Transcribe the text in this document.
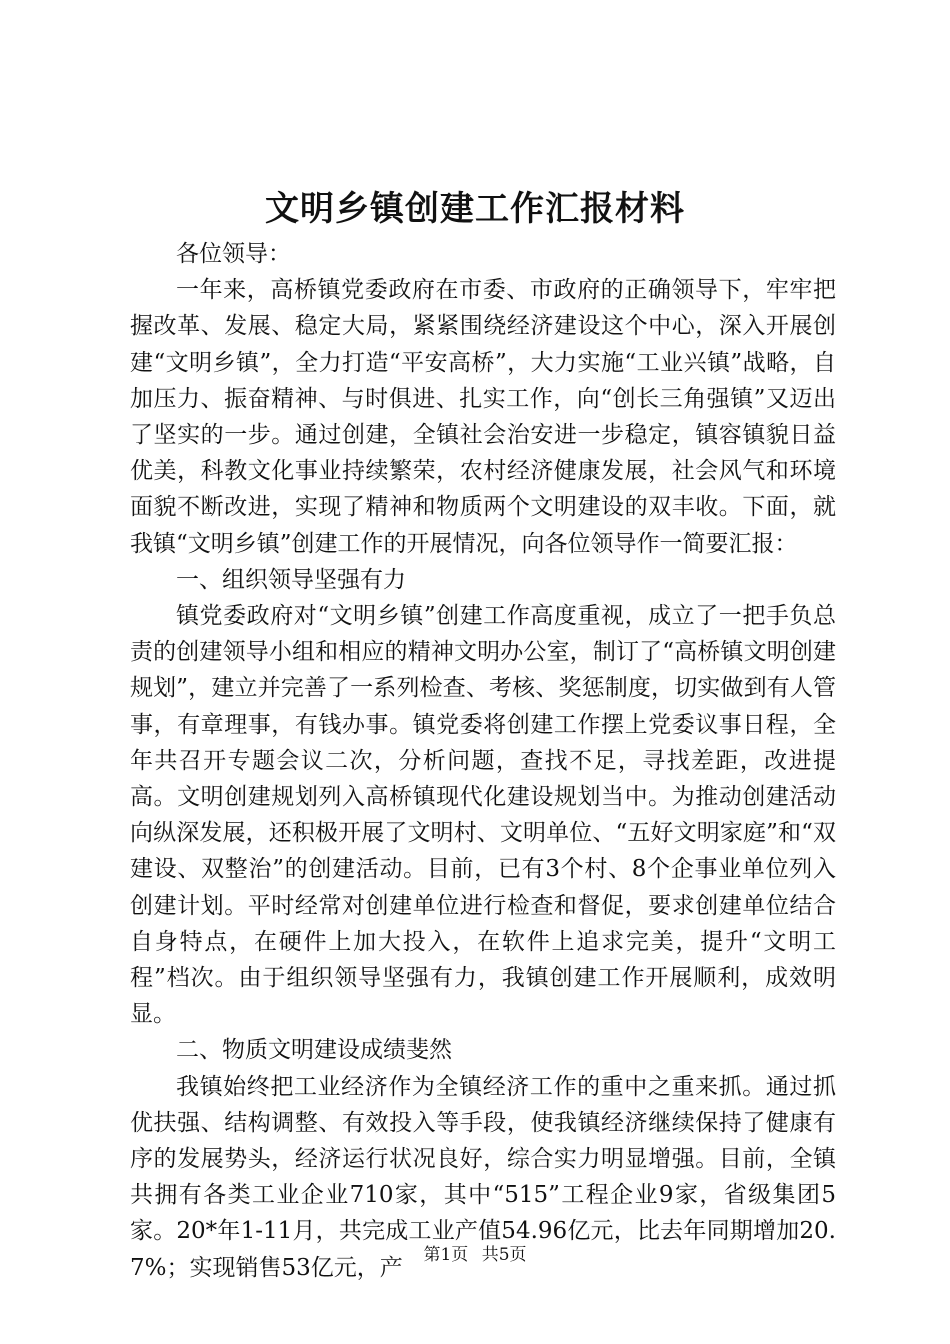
文明乡镇创建工作汇报材料

各位领导：

一年来，高桥镇党委政府在市委、市政府的正确领导下，牢牢把握改革、发展、稳定大局，紧紧围绕经济建设这个中心，深入开展创建“文明乡镇”，全力打造“平安高桥”，大力实施“工业兴镇”战略，自加压力、振奋精神、与时俱进、扎实工作，向“创长三角强镇”又迈出了坚实的一步。通过创建，全镇社会治安进一步稳定，镇容镇貌日益优美，科教文化事业持续繁荣，农村经济健康发展，社会风气和环境面貌不断改进，实现了精神和物质两个文明建设的双丰收。下面，就我镇“文明乡镇”创建工作的开展情况，向各位领导作一简要汇报：

一、组织领导坚强有力

镇党委政府对“文明乡镇”创建工作高度重视，成立了一把手负总责的创建领导小组和相应的精神文明办公室，制订了“高桥镇文明创建规划”，建立并完善了一系列检查、考核、奖惩制度，切实做到有人管事，有章理事，有钱办事。镇党委将创建工作摆上党委议事日程，全年共召开专题会议二次，分析问题，查找不足，寻找差距，改进提高。文明创建规划列入高桥镇现代化建设规划当中。为推动创建活动向纵深发展，还积极开展了文明村、文明单位、“五好文明家庭”和“双建设、双整治”的创建活动。目前，已有3个村、8个企事业单位列入创建计划。平时经常对创建单位进行检查和督促，要求创建单位结合自身特点，在硬件上加大投入，在软件上追求完美，提升“文明工程”档次。由于组织领导坚强有力，我镇创建工作开展顺利，成效明显。

二、物质文明建设成绩斐然

我镇始终把工业经济作为全镇经济工作的重中之重来抓。通过抓优扶强、结构调整、有效投入等手段，使我镇经济继续保持了健康有序的发展势头，经济运行状况良好，综合实力明显增强。目前，全镇共拥有各类工业企业710家，其中“515”工程企业9家，省级集团5家。20*年1-11月，共完成工业产值54.96亿元，比去年同期增加20.7%；实现销售53亿元，产	第1页 共5页
